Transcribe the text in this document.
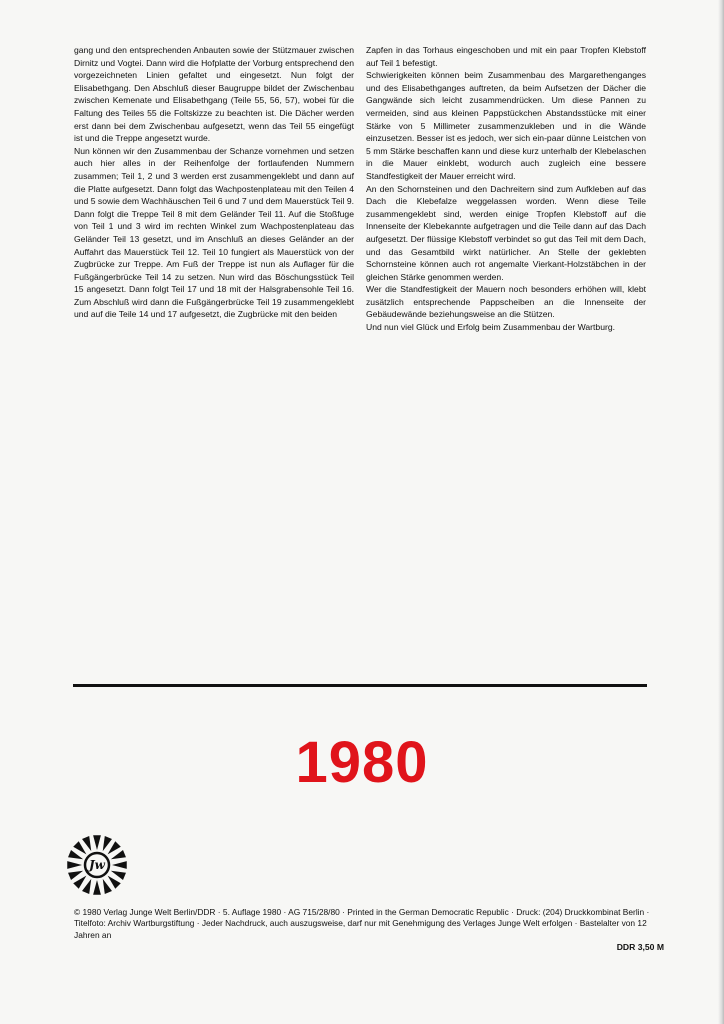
gang und den entsprechenden Anbauten sowie der Stützmauer zwischen Dirnitz und Vogtei. Dann wird die Hofplatte der Vorburg entsprechend den vorgezeichneten Linien gefaltet und eingesetzt. Nun folgt der Elisabethgang. Den Abschluß dieser Baugruppe bildet der Zwischenbau zwischen Kemenate und Elisabethgang (Teile 55, 56, 57), wobei für die Faltung des Teiles 55 die Foltskizze zu beachten ist. Die Dächer werden erst dann bei dem Zwischenbau aufgesetzt, wenn das Teil 55 eingefügt ist und die Treppe angesetzt wurde.

Nun können wir den Zusammenbau der Schanze vornehmen und setzen auch hier alles in der Reihenfolge der fortlaufenden Nummern zusammen; Teil 1, 2 und 3 werden erst zusammengeklebt und dann auf die Platte aufgesetzt. Dann folgt das Wachpostenplateau mit den Teilen 4 und 5 sowie dem Wachhäuschen Teil 6 und 7 und dem Mauerstück Teil 9. Dann folgt die Treppe Teil 8 mit dem Geländer Teil 11. Auf die Stoßfuge von Teil 1 und 3 wird im rechten Winkel zum Wachpostenplateau das Geländer Teil 13 gesetzt, und im Anschluß an dieses Geländer an der Auffahrt das Mauerstück Teil 12. Teil 10 fungiert als Mauerstück von der Zugbrücke zur Treppe. Am Fuß der Treppe ist nun als Auflager für die Fußgängerbrücke Teil 14 zu setzen. Nun wird das Böschungsstück Teil 15 angesetzt. Dann folgt Teil 17 und 18 mit der Halsgrabensohle Teil 16. Zum Abschluß wird dann die Fußgängerbrücke Teil 19 zusammengeklebt und auf die Teile 14 und 17 aufgesetzt, die Zugbrücke mit den beiden

Zapfen in das Torhaus eingeschoben und mit ein paar Tropfen Klebstoff auf Teil 1 befestigt.

Schwierigkeiten können beim Zusammenbau des Margarethenganges und des Elisabethganges auftreten, da beim Aufsetzen der Dächer die Gangwände sich leicht zusammendrücken. Um diese Pannen zu vermeiden, sind aus kleinen Pappstückchen Abstandsstücke mit einer Stärke von 5 Millimeter zusammenzukleben und in die Wände einzusetzen. Besser ist es jedoch, wer sich ein-paar dünne Leistchen von 5 mm Stärke beschaffen kann und diese kurz unterhalb der Klebelaschen in die Mauer einklebt, wodurch auch zugleich eine bessere Standfestigkeit der Mauer erreicht wird.

An den Schornsteinen und den Dachreitern sind zum Aufkleben auf das Dach die Klebefalze weggelassen worden. Wenn diese Teile zusammengeklebt sind, werden einige Tropfen Klebstoff auf die Innenseite der Klebekannte aufgetragen und die Teile dann auf das Dach aufgesetzt. Der flüssige Klebstoff verbindet so gut das Teil mit dem Dach, und das Gesamtbild wirkt natürlicher. An Stelle der geklebten Schornsteine können auch rot angemalte Vierkant-Holzstäbchen in der gleichen Stärke genommen werden.

Wer die Standfestigkeit der Mauern noch besonders erhöhen will, klebt zusätzlich entsprechende Pappscheiben an die Innenseite der Gebäudewände beziehungsweise an die Stützen.

Und nun viel Glück und Erfolg beim Zusammenbau der Wartburg.

1980
Jw
© 1980 Verlag Junge Welt Berlin/DDR · 5. Auflage 1980 · AG 715/28/80 · Printed in the German Democratic Republic · Druck: (204) Druckkombinat Berlin · Titelfoto: Archiv Wartburgstiftung · Jeder Nachdruck, auch auszugsweise, darf nur mit Genehmigung des Verlages Junge Welt erfolgen · Bastelalter von 12 Jahren an
DDR 3,50 M
